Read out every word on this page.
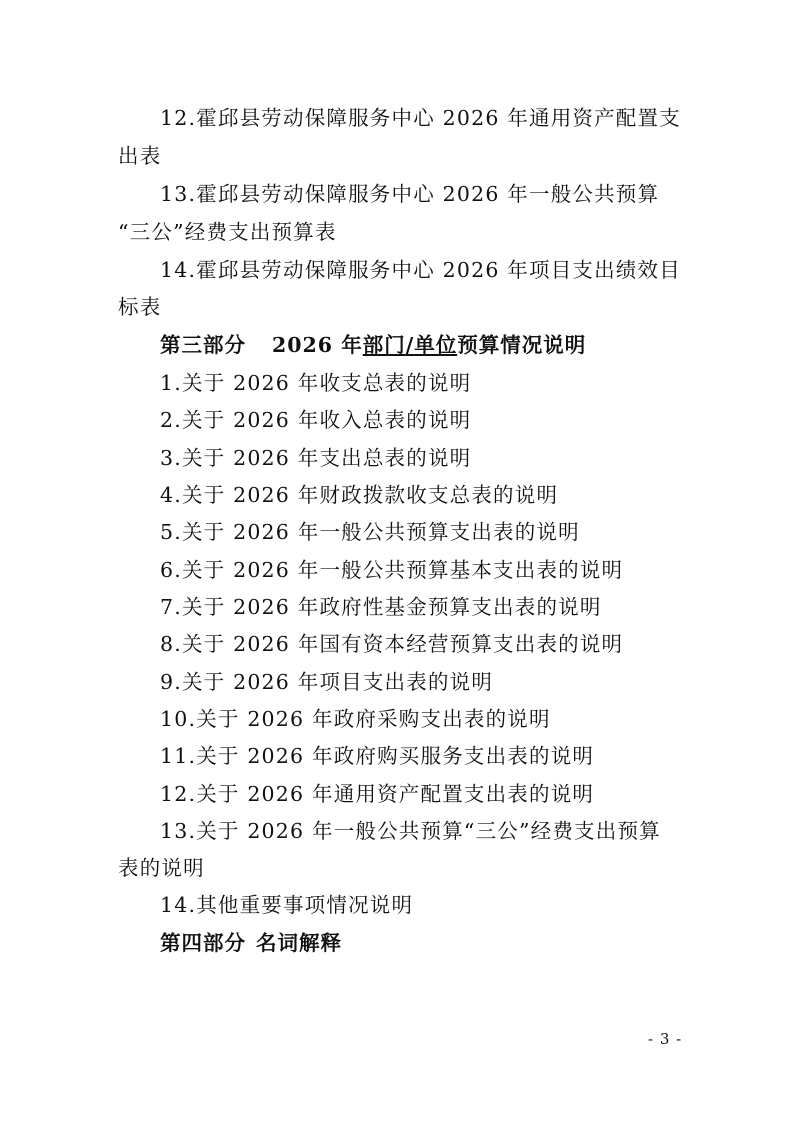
12.霍邱县劳动保障服务中心 2026 年通用资产配置支
出表
13.霍邱县劳动保障服务中心 2026 年一般公共预算
“三公”经费支出预算表
14.霍邱县劳动保障服务中心 2026 年项目支出绩效目
标表
第三部分 2026 年部门/单位预算情况说明
1.关于 2026 年收支总表的说明
2.关于 2026 年收入总表的说明
3.关于 2026 年支出总表的说明
4.关于 2026 年财政拨款收支总表的说明
5.关于 2026 年一般公共预算支出表的说明
6.关于 2026 年一般公共预算基本支出表的说明
7.关于 2026 年政府性基金预算支出表的说明
8.关于 2026 年国有资本经营预算支出表的说明
9.关于 2026 年项目支出表的说明
10.关于 2026 年政府采购支出表的说明
11.关于 2026 年政府购买服务支出表的说明
12.关于 2026 年通用资产配置支出表的说明
13.关于 2026 年一般公共预算“三公”经费支出预算
表的说明
14.其他重要事项情况说明
第四部分 名词解释
- 3 -
